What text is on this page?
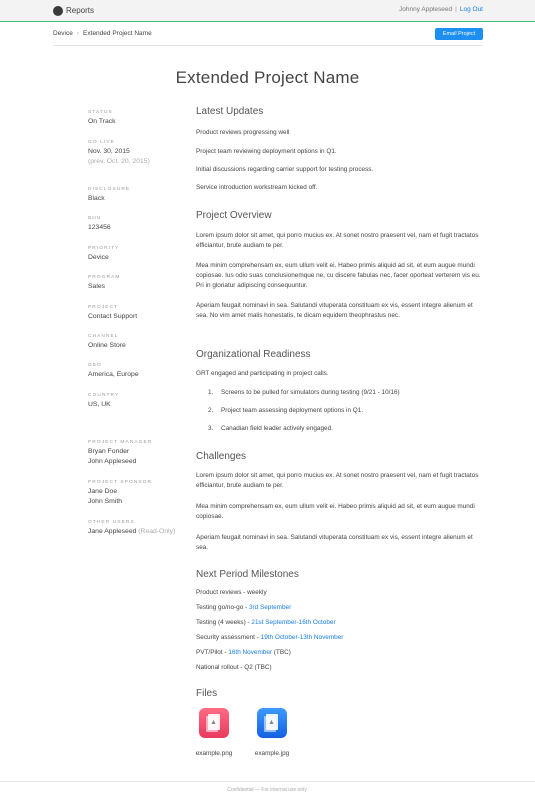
Reports	Johnny Appleseed | Log Out
Device › Extended Project Name	Email Project
Extended Project Name
STATUS
On Track
GO LIVE
Nov. 30, 2015
(prev. Oct. 20, 2015)
DISCLOSURE
Black
BHU
123456
PRIORITY
Device
PROGRAM
Sales
PROJECT
Contact Support
CHANNEL
Online Store
GEO
America, Europe
COUNTRY
US, UK
PROJECT MANAGER
Bryan Fonder
John Appleseed
PROJECT SPONSOR
Jane Doe
John Smith
OTHER USERS
Jane Appleseed (Read-Only)
Latest Updates
Product reviews progressing well
Project team reviewing deployment options in Q1.
Initial discussions regarding carrier support for testing process.
Service introduction workstream kicked off.
Project Overview
Lorem ipsum dolor sit amet, qui porro mucius ex. At sonet nostro praesent vel, nam et fugit tractatos efficiantur, brute audiam te per.
Mea minim comprehensam ex, eum ullum velit ei. Habeo primis aliquid ad sit, et eum augue mundi copiosae. Ius odio suas conclusionemque ne, cu discere fabulas nec, facer oporteat verterem vis eu. Pri in gloriatur adipiscing consequuntur.
Aperiam feugait nominavi in sea. Salutandi vituperata constituam ex vis, essent integre alienum et sea. No vim amet malis honestatis, te dicam equidem theophrastus nec.
Organizational Readiness
GRT engaged and participating in project calls.
1. Screens to be pulled for simulators during testing (9/21 - 10/16)
2. Project team assessing deployment options in Q1.
3. Canadian field leader actively engaged.
Challenges
Lorem ipsum dolor sit amet, qui porro mucius ex. At sonet nostro praesent vel, nam et fugit tractatos efficiantur, brute audiam te per.
Mea minim comprehensam ex, eum ullum velit ei. Habeo primis aliquid ad sit, et eum augue mundi copiosae.
Aperiam feugait nominavi in sea. Salutandi vituperata constituam ex vis, essent integre alienum et sea.
Next Period Milestones
Product reviews - weekly
Testing go/no-go - 3rd September
Testing (4 weeks) - 21st September-16th October
Security assessment - 19th October-13th November
PVT/Pilot - 16th November (TBC)
National rollout - Q2 (TBC)
Files
▲
example.png
▲
example.jpg
Confidential — For internal use only.
